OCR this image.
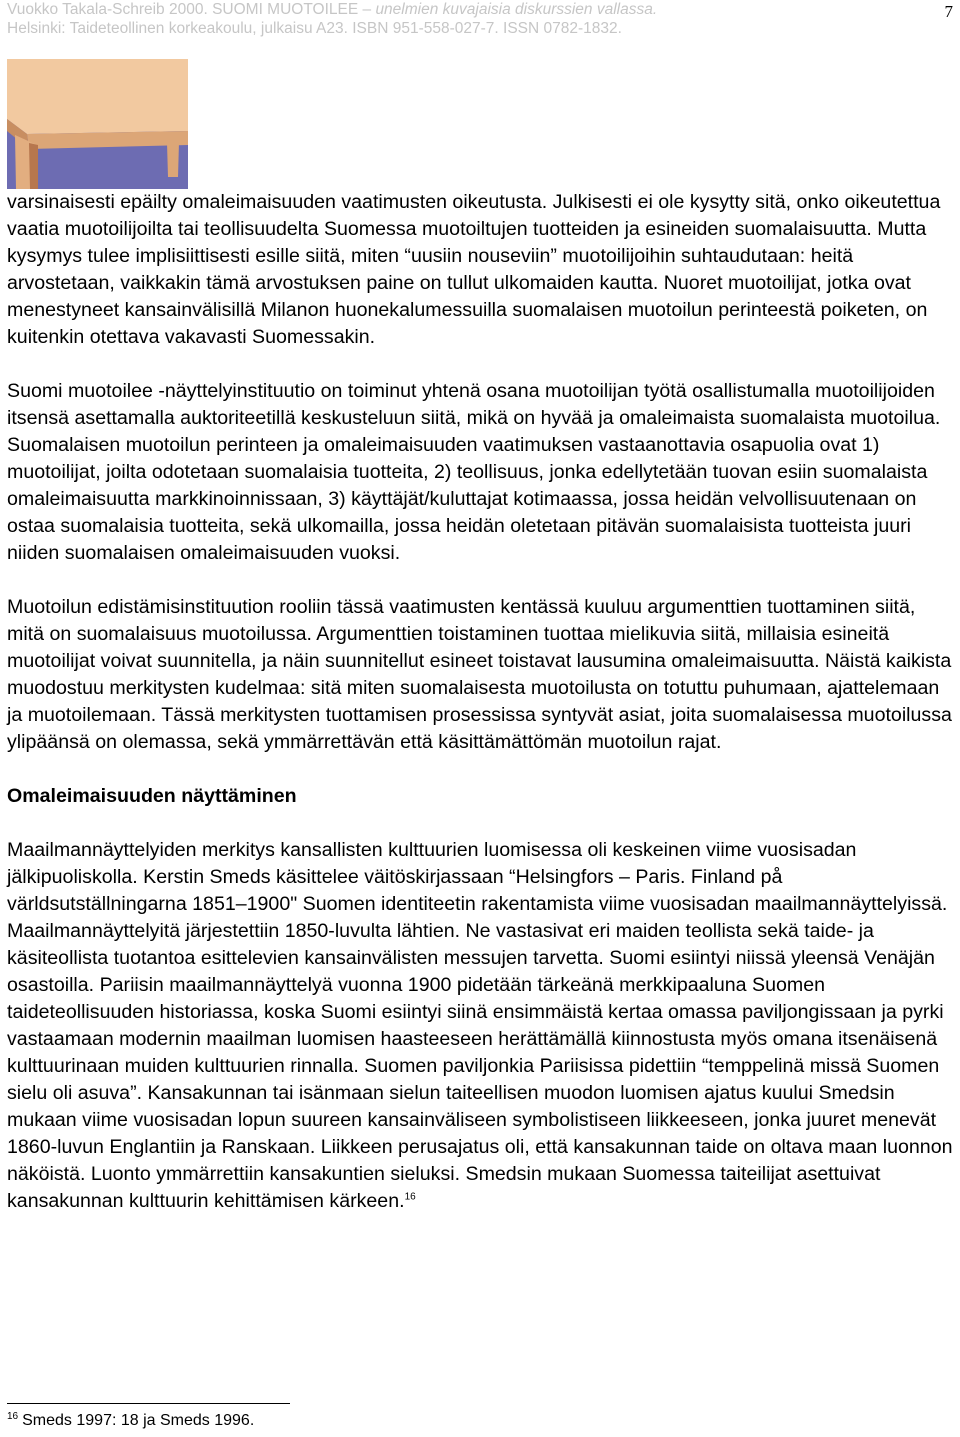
Vuokko Takala-Schreib 2000. SUOMI MUOTOILEE – unelmien kuvajaisia diskurssien vallassa.
Helsinki: Taideteollinen korkeakoulu, julkaisu A23. ISBN 951-558-027-7. ISSN 0782-1832.
7

varsinaisesti epäilty omaleimaisuuden vaatimusten oikeutusta. Julkisesti ei ole kysytty sitä, onko oikeutettua vaatia muotoilijoilta tai teollisuudelta Suomessa muotoiltujen tuotteiden ja esineiden suomalaisuutta. Mutta kysymys tulee implisiittisesti esille siitä, miten “uusiin nouseviin” muotoilijoihin suhtaudutaan: heitä arvostetaan, vaikkakin tämä arvostuksen paine on tullut ulkomaiden kautta. Nuoret muotoilijat, jotka ovat menestyneet kansainvälisillä Milanon huonekalumessuilla suomalaisen muotoilun perinteestä poiketen, on kuitenkin otettava vakavasti Suomessakin.

Suomi muotoilee -näyttelyinstituutio on toiminut yhtenä osana muotoilijan työtä osallistumalla muotoilijoiden itsensä asettamalla auktoriteetillä keskusteluun siitä, mikä on hyvää ja omaleimaista suomalaista muotoilua. Suomalaisen muotoilun perinteen ja omaleimaisuuden vaatimuksen vastaanottavia osapuolia ovat 1) muotoilijat, joilta odotetaan suomalaisia tuotteita, 2) teollisuus, jonka edellytetään tuovan esiin suomalaista omaleimaisuutta markkinoinnissaan, 3) käyttäjät/kuluttajat kotimaassa, jossa heidän velvollisuutenaan on ostaa suomalaisia tuotteita, sekä ulkomailla, jossa heidän oletetaan pitävän suomalaisista tuotteista juuri niiden suomalaisen omaleimaisuuden vuoksi.

Muotoilun edistämisinstituution rooliin tässä vaatimusten kentässä kuuluu argumenttien tuottaminen siitä, mitä on suomalaisuus muotoilussa. Argumenttien toistaminen tuottaa mielikuvia siitä, millaisia esineitä muotoilijat voivat suunnitella, ja näin suunnitellut esineet toistavat lausumina omaleimaisuutta. Näistä kaikista muodostuu merkitysten kudelmaa: sitä miten suomalaisesta muotoilusta on totuttu puhumaan, ajattelemaan ja muotoilemaan. Tässä merkitysten tuottamisen prosessissa syntyvät asiat, joita suomalaisessa muotoilussa ylipäänsä on olemassa, sekä ymmärrettävän että käsittämättömän muotoilun rajat.

Omaleimaisuuden näyttäminen

Maailmannäyttelyiden merkitys kansallisten kulttuurien luomisessa oli keskeinen viime vuosisadan jälkipuoliskolla. Kerstin Smeds käsittelee väitöskirjassaan “Helsingfors – Paris. Finland på världsutställningarna 1851–1900" Suomen identiteetin rakentamista viime vuosisadan maailmannäyttelyissä. Maailmannäyttelyitä järjestettiin 1850-luvulta lähtien. Ne vastasivat eri maiden teollista sekä taide- ja käsiteollista tuotantoa esittelevien kansainvälisten messujen tarvetta. Suomi esiintyi niissä yleensä Venäjän osastoilla. Pariisin maailmannäyttelyä vuonna 1900 pidetään tärkeänä merkkipaaluna Suomen taideteollisuuden historiassa, koska Suomi esiintyi siinä ensimmäistä kertaa omassa paviljongissaan ja pyrki vastaamaan modernin maailman luomisen haasteeseen herättämällä kiinnostusta myös omana itsenäisenä kulttuurinaan muiden kulttuurien rinnalla. Suomen paviljonkia Pariisissa pidettiin “temppelinä missä Suomen sielu oli asuva”. Kansakunnan tai isänmaan sielun taiteellisen muodon luomisen ajatus kuului Smedsin mukaan viime vuosisadan lopun suureen kansainväliseen symbolistiseen liikkeeseen, jonka juuret menevät 1860-luvun Englantiin ja Ranskaan. Liikkeen perusajatus oli, että kansakunnan taide on oltava maan luonnon näköistä. Luonto ymmärrettiin kansakuntien sieluksi. Smedsin mukaan Suomessa taiteilijat asettuivat kansakunnan kulttuurin kehittämisen kärkeen.$^{16}$

$^{16}$ Smeds 1997: 18 ja Smeds 1996.
